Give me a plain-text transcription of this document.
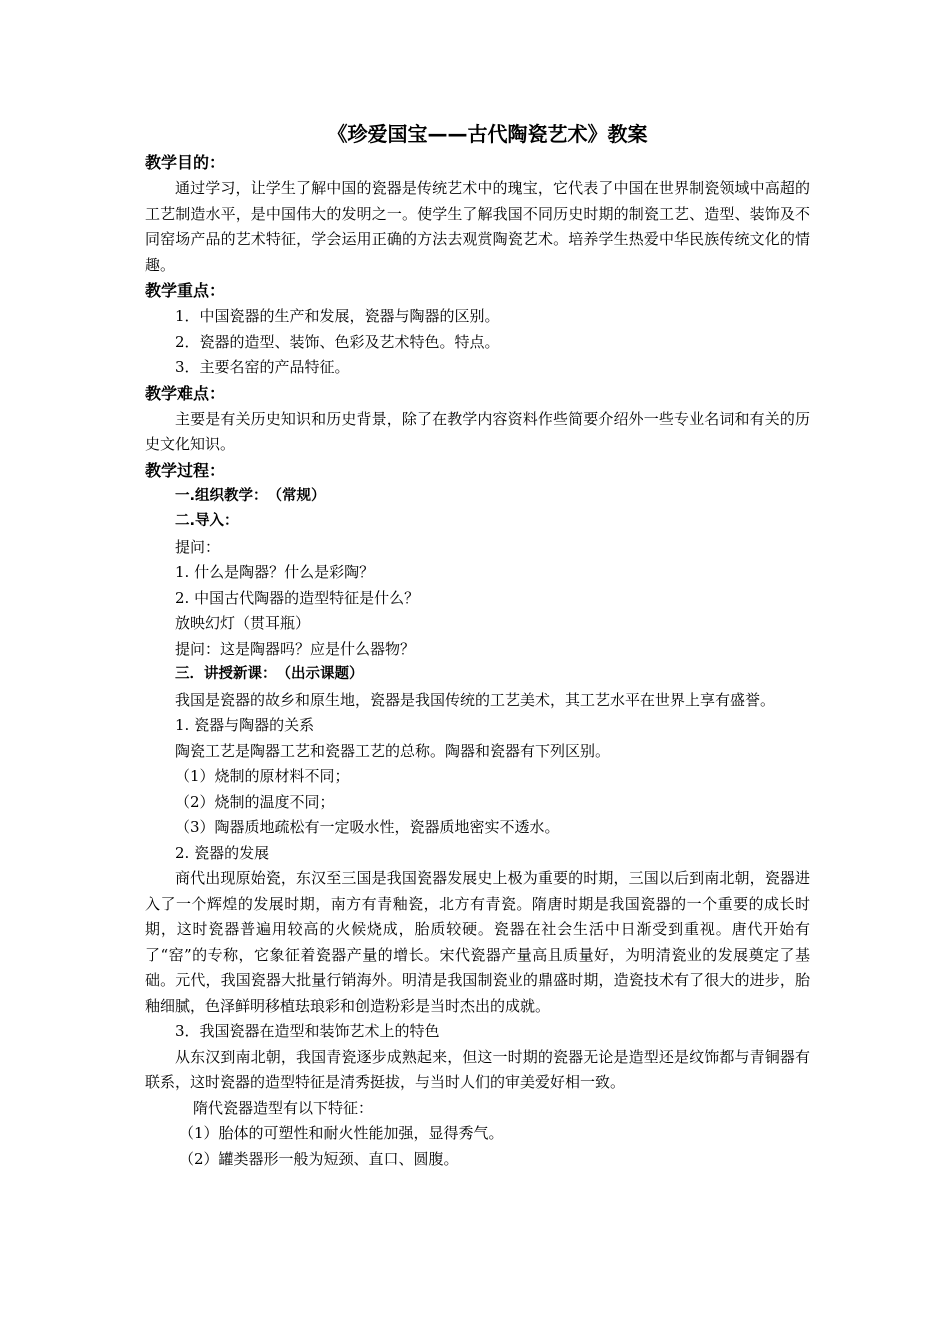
《珍爱国宝——古代陶瓷艺术》教案
教学目的：

通过学习，让学生了解中国的瓷器是传统艺术中的瑰宝，它代表了中国在世界制瓷领域中高超的工艺制造水平，是中国伟大的发明之一。使学生了解我国不同历史时期的制瓷工艺、造型、装饰及不同窑场产品的艺术特征，学会运用正确的方法去观赏陶瓷艺术。培养学生热爱中华民族传统文化的情趣。

教学重点：
1．中国瓷器的生产和发展，瓷器与陶器的区别。
2．瓷器的造型、装饰、色彩及艺术特色。特点。
3．主要名窑的产品特征。
教学难点：

主要是有关历史知识和历史背景，除了在教学内容资料作些简要介绍外一些专业名词和有关的历史文化知识。

教学过程：
一.组织教学：　（常规）
二.导入：
提问：
1. 什么是陶器？什么是彩陶？
2. 中国古代陶器的造型特征是什么？
放映幻灯（贯耳瓶）
提问：这是陶器吗？应是什么器物？
三．讲授新课：　（出示课题）

我国是瓷器的故乡和原生地，瓷器是我国传统的工艺美术，其工艺水平在世界上享有盛誉。

1. 瓷器与陶器的关系
陶瓷工艺是陶器工艺和瓷器工艺的总称。陶器和瓷器有下列区别。
（1）烧制的原材料不同；
（2）烧制的温度不同；
（3）陶器质地疏松有一定吸水性，瓷器质地密实不透水。
2. 瓷器的发展

商代出现原始瓷，东汉至三国是我国瓷器发展史上极为重要的时期，三国以后到南北朝，瓷器进入了一个辉煌的发展时期，南方有青釉瓷，北方有青瓷。隋唐时期是我国瓷器的一个重要的成长时期，这时瓷器普遍用较高的火候烧成，胎质较硬。瓷器在社会生活中日渐受到重视。唐代开始有了“窑”的专称，它象征着瓷器产量的增长。宋代瓷器产量高且质量好，为明清瓷业的发展奠定了基础。元代，我国瓷器大批量行销海外。明清是我国制瓷业的鼎盛时期，造瓷技术有了很大的进步，胎釉细腻，色泽鲜明移植珐琅彩和创造粉彩是当时杰出的成就。

3．我国瓷器在造型和装饰艺术上的特色

从东汉到南北朝，我国青瓷逐步成熟起来，但这一时期的瓷器无论是造型还是纹饰都与青铜器有联系，这时瓷器的造型特征是清秀挺拔，与当时人们的审美爱好相一致。

隋代瓷器造型有以下特征：
（1）胎体的可塑性和耐火性能加强，显得秀气。
（2）罐类器形一般为短颈、直口、圆腹。
